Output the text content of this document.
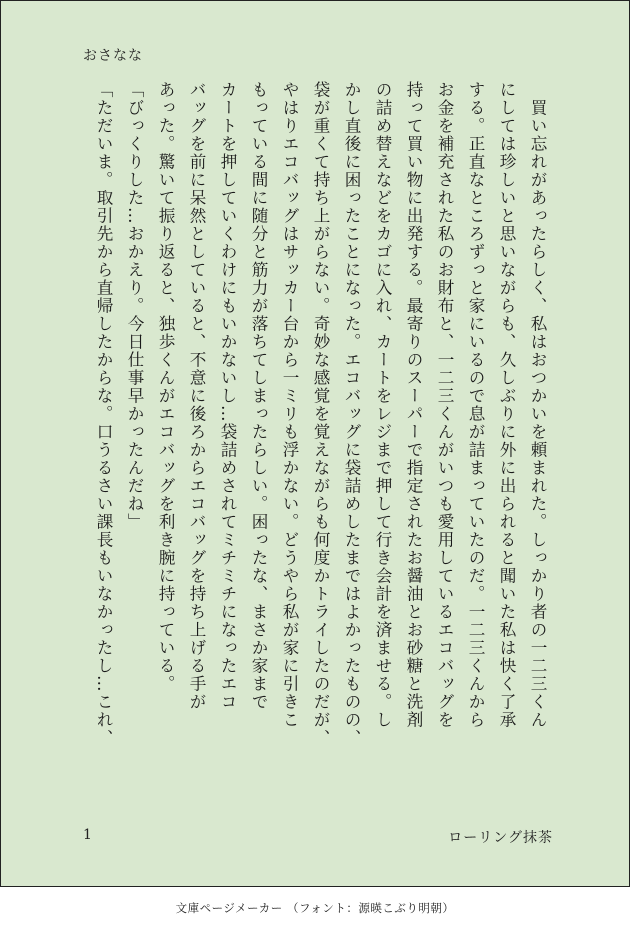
おさなな

　買い忘れがあったらしく、私はおつかいを頼まれた。しっかり者の一二三くん

にしては珍しいと思いながらも、久しぶりに外に出られると聞いた私は快く了承

する。正直なところずっと家にいるので息が詰まっていたのだ。一二三くんから

お金を補充された私のお財布と、一二三くんがいつも愛用しているエコバッグを

持って買い物に出発する。最寄りのスーパーで指定されたお醤油とお砂糖と洗剤

の詰め替えなどをカゴに入れ、カートをレジまで押して行き会計を済ませる。し

かし直後に困ったことになった。エコバッグに袋詰めしたまではよかったものの、

袋が重くて持ち上がらない。奇妙な感覚を覚えながらも何度かトライしたのだが、

やはりエコバッグはサッカー台から一ミリも浮かない。どうやら私が家に引きこ

もっている間に随分と筋力が落ちてしまったらしい。困ったな、まさか家まで

カートを押していくわけにもいかないし…袋詰めされてミチミチになったエコ

バッグを前に呆然としていると、不意に後ろからエコバッグを持ち上げる手が

あった。驚いて振り返ると、独歩くんがエコバッグを利き腕に持っている。

「びっくりした…おかえり。今日仕事早かったんだね」

「ただいま。取引先から直帰したからな。口うるさい課長もいなかったし…これ、

1	ローリング抹茶
文庫ページメーカー （フォント：源暎こぶり明朝）
